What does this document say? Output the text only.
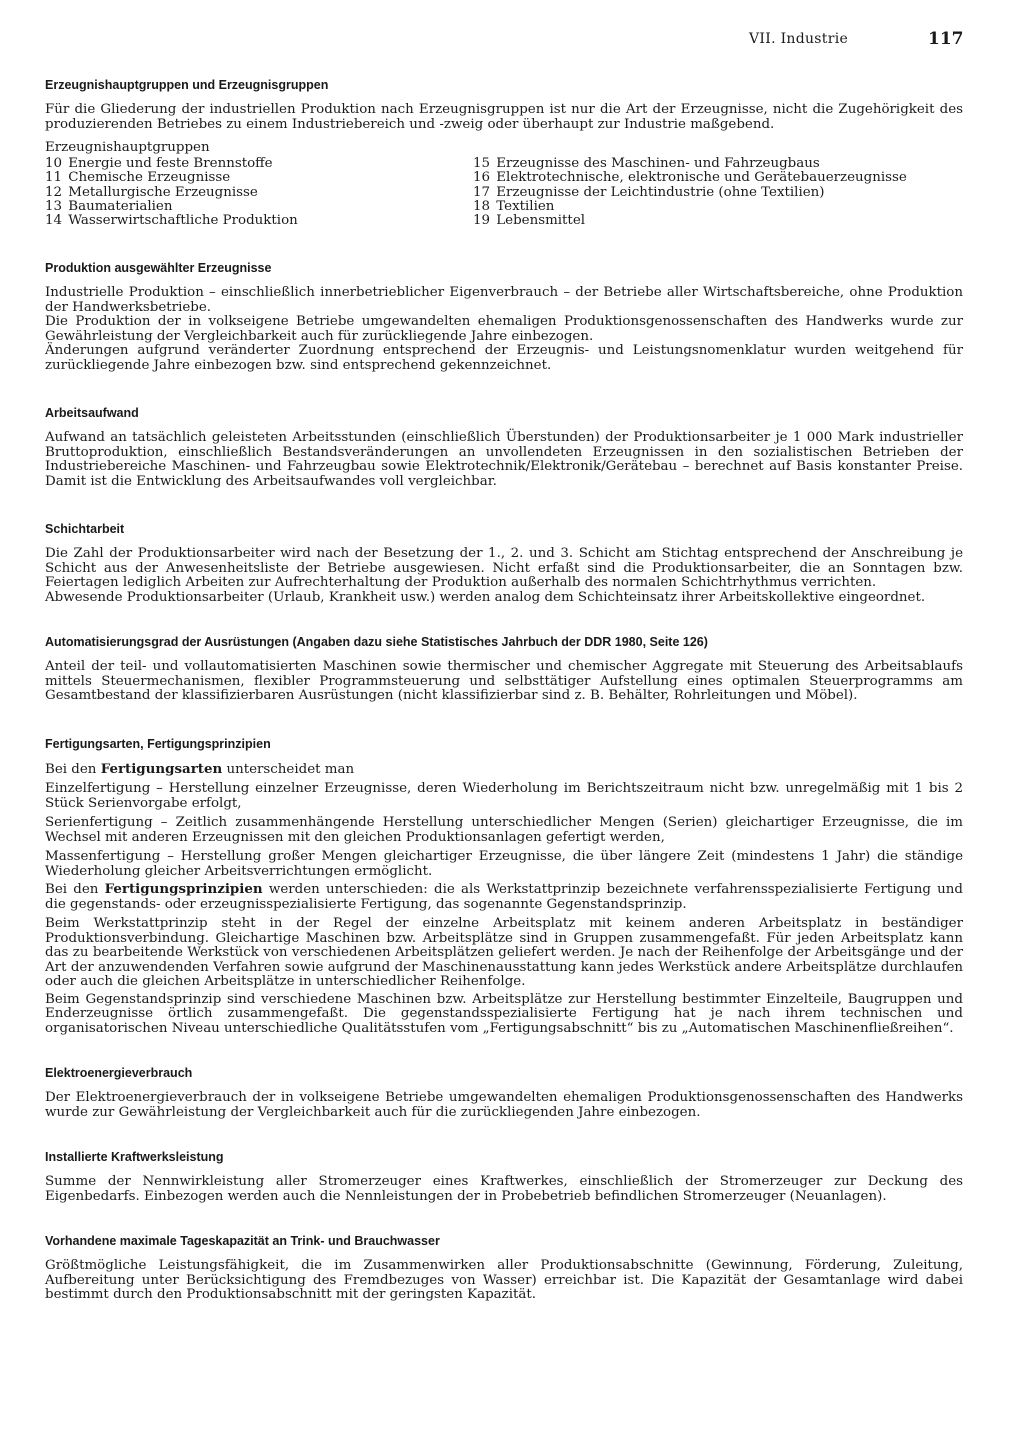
VII. Industrie	117
Erzeugnishauptgruppen und Erzeugnisgruppen

Für die Gliederung der industriellen Produktion nach Erzeugnisgruppen ist nur die Art der Erzeugnisse, nicht die Zugehörigkeit des produzierenden Betriebes zu einem Industriebereich und -zweig oder überhaupt zur Industrie maßgebend.

Erzeugnishauptgruppen
10 Energie und feste Brennstoffe
11 Chemische Erzeugnisse
12 Metallurgische Erzeugnisse
13 Baumaterialien
14 Wasserwirtschaftliche Produktion
15 Erzeugnisse des Maschinen- und Fahrzeugbaus
16 Elektrotechnische, elektronische und Gerätebauerzeugnisse
17 Erzeugnisse der Leichtindustrie (ohne Textilien)
18 Textilien
19 Lebensmittel
Produktion ausgewählter Erzeugnisse

Industrielle Produktion – einschließlich innerbetrieblicher Eigenverbrauch – der Betriebe aller Wirtschaftsbereiche, ohne Produktion der Handwerksbetriebe.

Die Produktion der in volkseigene Betriebe umgewandelten ehemaligen Produktionsgenossenschaften des Handwerks wurde zur Gewährleistung der Vergleichbarkeit auch für zurückliegende Jahre einbezogen.

Änderungen aufgrund veränderter Zuordnung entsprechend der Erzeugnis- und Leistungsnomenklatur wurden weitgehend für zurückliegende Jahre einbezogen bzw. sind entsprechend gekennzeichnet.

Arbeitsaufwand

Aufwand an tatsächlich geleisteten Arbeitsstunden (einschließlich Überstunden) der Produktionsarbeiter je 1 000 Mark industrieller Bruttoproduktion, einschließlich Bestandsveränderungen an unvollendeten Erzeugnissen in den sozialistischen Betrieben der Industriebereiche Maschinen- und Fahrzeugbau sowie Elektrotechnik/Elektronik/Gerätebau – berechnet auf Basis konstanter Preise. Damit ist die Entwicklung des Arbeitsaufwandes voll vergleichbar.

Schichtarbeit

Die Zahl der Produktionsarbeiter wird nach der Besetzung der 1., 2. und 3. Schicht am Stichtag entsprechend der Anschreibung je Schicht aus der Anwesenheitsliste der Betriebe ausgewiesen. Nicht erfaßt sind die Produktionsarbeiter, die an Sonntagen bzw. Feiertagen lediglich Arbeiten zur Aufrechterhaltung der Produktion außerhalb des normalen Schichtrhythmus verrichten.

Abwesende Produktionsarbeiter (Urlaub, Krankheit usw.) werden analog dem Schichteinsatz ihrer Arbeitskollektive eingeordnet.

Automatisierungsgrad der Ausrüstungen (Angaben dazu siehe Statistisches Jahrbuch der DDR 1980, Seite 126)

Anteil der teil- und vollautomatisierten Maschinen sowie thermischer und chemischer Aggregate mit Steuerung des Arbeitsablaufs mittels Steuermechanismen, flexibler Programmsteuerung und selbsttätiger Aufstellung eines optimalen Steuerprogramms am Gesamtbestand der klassifizierbaren Ausrüstungen (nicht klassifizierbar sind z. B. Behälter, Rohrleitungen und Möbel).

Fertigungsarten, Fertigungsprinzipien

Bei den Fertigungsarten unterscheidet man

Einzelfertigung – Herstellung einzelner Erzeugnisse, deren Wiederholung im Berichtszeitraum nicht bzw. unregelmäßig mit 1 bis 2 Stück Serienvorgabe erfolgt,

Serienfertigung – Zeitlich zusammenhängende Herstellung unterschiedlicher Mengen (Serien) gleichartiger Erzeugnisse, die im Wechsel mit anderen Erzeugnissen mit den gleichen Produktionsanlagen gefertigt werden,

Massenfertigung – Herstellung großer Mengen gleichartiger Erzeugnisse, die über längere Zeit (mindestens 1 Jahr) die ständige Wiederholung gleicher Arbeitsverrichtungen ermöglicht.

Bei den Fertigungsprinzipien werden unterschieden: die als Werkstattprinzip bezeichnete verfahrensspezialisierte Fertigung und die gegenstands- oder erzeugnisspezialisierte Fertigung, das sogenannte Gegenstandsprinzip.

Beim Werkstattprinzip steht in der Regel der einzelne Arbeitsplatz mit keinem anderen Arbeitsplatz in beständiger Produktionsverbindung. Gleichartige Maschinen bzw. Arbeitsplätze sind in Gruppen zusammengefaßt. Für jeden Arbeitsplatz kann das zu bearbeitende Werkstück von verschiedenen Arbeitsplätzen geliefert werden. Je nach der Reihenfolge der Arbeitsgänge und der Art der anzuwendenden Verfahren sowie aufgrund der Maschinenausstattung kann jedes Werkstück andere Arbeitsplätze durchlaufen oder auch die gleichen Arbeitsplätze in unterschiedlicher Reihenfolge.

Beim Gegenstandsprinzip sind verschiedene Maschinen bzw. Arbeitsplätze zur Herstellung bestimmter Einzelteile, Baugruppen und Enderzeugnisse örtlich zusammengefaßt. Die gegenstandsspezialisierte Fertigung hat je nach ihrem technischen und organisatorischen Niveau unterschiedliche Qualitätsstufen vom „Fertigungsabschnitt“ bis zu „Automatischen Maschinenfließreihen“.

Elektroenergieverbrauch

Der Elektroenergieverbrauch der in volkseigene Betriebe umgewandelten ehemaligen Produktionsgenossenschaften des Handwerks wurde zur Gewährleistung der Vergleichbarkeit auch für die zurückliegenden Jahre einbezogen.

Installierte Kraftwerksleistung

Summe der Nennwirkleistung aller Stromerzeuger eines Kraftwerkes, einschließlich der Stromerzeuger zur Deckung des Eigenbedarfs. Einbezogen werden auch die Nennleistungen der in Probebetrieb befindlichen Stromerzeuger (Neuanlagen).

Vorhandene maximale Tageskapazität an Trink- und Brauchwasser

Größtmögliche Leistungsfähigkeit, die im Zusammenwirken aller Produktionsabschnitte (Gewinnung, Förderung, Zuleitung, Aufbereitung unter Berücksichtigung des Fremdbezuges von Wasser) erreichbar ist. Die Kapazität der Gesamtanlage wird dabei bestimmt durch den Produktionsabschnitt mit der geringsten Kapazität.
